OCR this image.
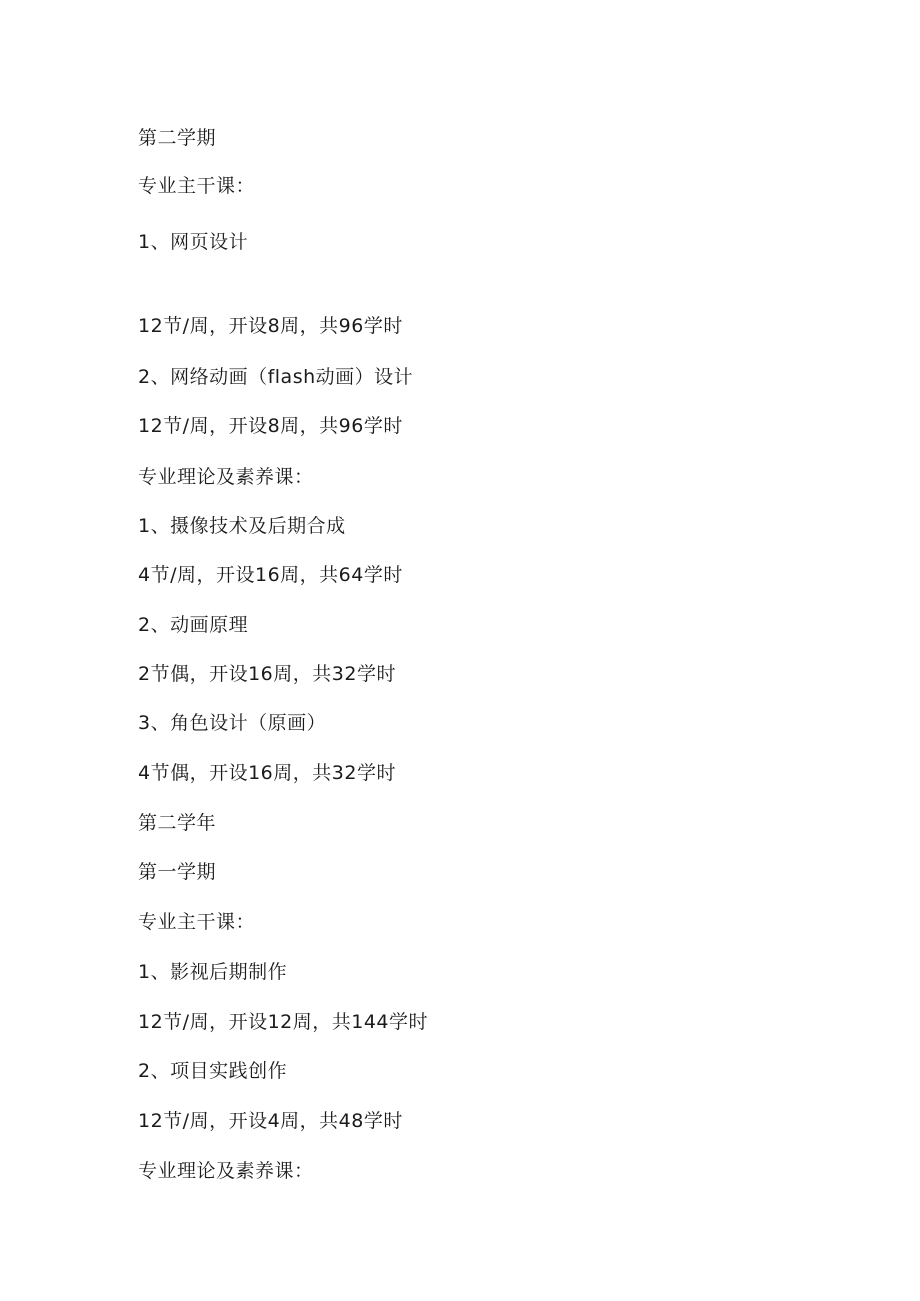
第二学期
专业主干课：
1、网页设计
12节/周，开设8周，共96学时
2、网络动画（flash动画）设计
12节/周，开设8周，共96学时
专业理论及素养课：
1、摄像技术及后期合成
4节/周，开设16周，共64学时
2、动画原理
2节偶，开设16周，共32学时
3、角色设计（原画）
4节偶，开设16周，共32学时
第二学年
第一学期
专业主干课：
1、影视后期制作
12节/周，开设12周，共144学时
2、项目实践创作
12节/周，开设4周，共48学时
专业理论及素养课：
